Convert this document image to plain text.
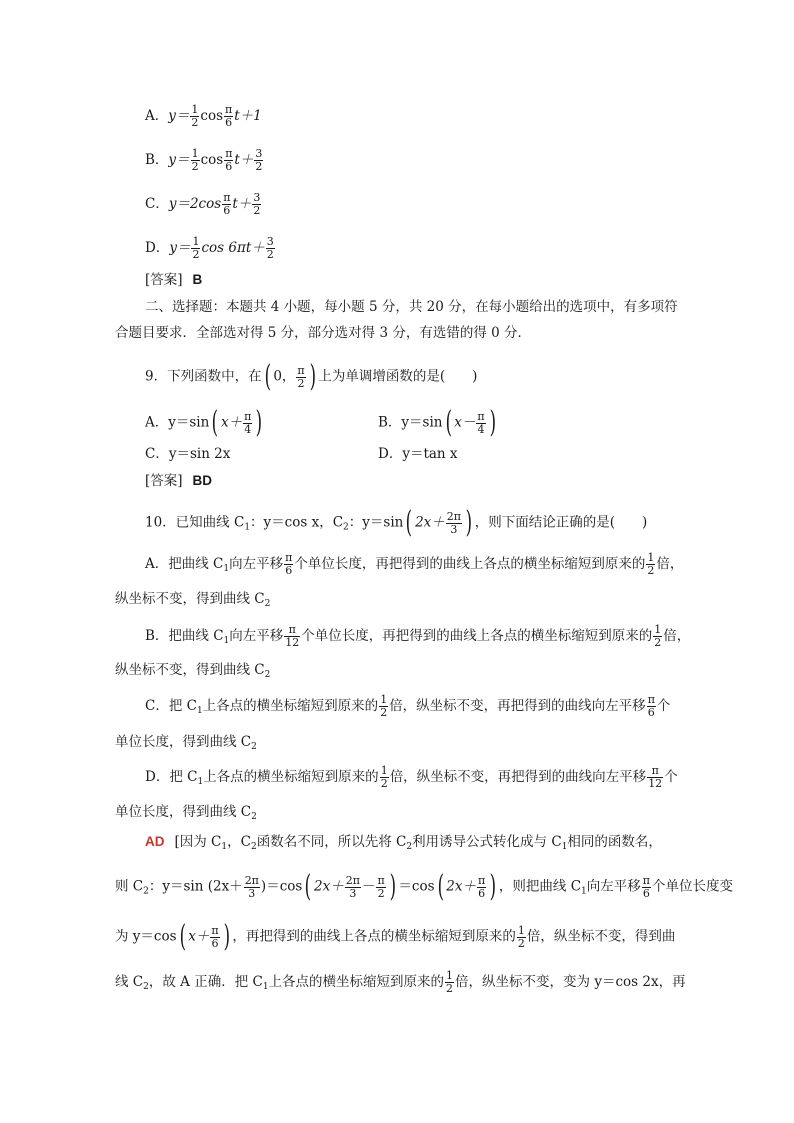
A．$y= \frac{1}{2}$ $\cos \frac{\pi}{6} t+1$
B．$y= \frac{1}{2}$ $\cos \frac{\pi}{6} t+ \frac{3}{2}$
C．$y=2\cos \frac{\pi}{6} t+ \frac{3}{2}$
D．$y= \frac{1}{2}$ $\cos 6\pi t+ \frac{3}{2}$
[答案] B
二、选择题：本题共 4 小题，每小题 5 分，共 20 分，在每小题给出的选项中，有多项符
合题目要求．全部选对得 5 分，部分选对得 3 分，有选错的得 0 分．
9．下列函数中，在( 0， $\frac{\pi}{2}$ ) 上为单调增函数的是(　　)
A．y＝sin( $x+ \frac{\pi}{4}$ )	B．y＝sin( $x- \frac{\pi}{4}$ )
C．y＝sin 2x	D．y＝tan x
[答案] BD
10．已知曲线 $C_1$：y＝cos x，$C_2$：y＝sin( $2x+ \frac{2\pi}{3}$ ) ，则下面结论正确的是(　　)
A．把曲线 $C_1$向左平移 $\frac{\pi}{6}$ 个单位长度，再把得到的曲线上各点的横坐标缩短到原来的 $\frac{1}{2}$ 倍，
纵坐标不变，得到曲线 $C_2$
B．把曲线 $C_1$向左平移 $\frac{\pi}{12}$ 个单位长度，再把得到的曲线上各点的横坐标缩短到原来的 $\frac{1}{2}$ 倍，
纵坐标不变，得到曲线 $C_2$
C．把 $C_1$上各点的横坐标缩短到原来的 $\frac{1}{2}$ 倍，纵坐标不变，再把得到的曲线向左平移 $\frac{\pi}{6}$ 个
单位长度，得到曲线 $C_2$
D．把 $C_1$上各点的横坐标缩短到原来的 $\frac{1}{2}$ 倍，纵坐标不变，再把得到的曲线向左平移 $\frac{\pi}{12}$ 个
单位长度，得到曲线 $C_2$
AD [因为 $C_1$，$C_2$函数名不同，所以先将 $C_2$利用诱导公式转化成与 $C_1$相同的函数名，
则 $C_2$：y＝sin $(2x+ \frac{2\pi}{3} )=\cos$( $2x+ \frac{2\pi}{3} - \frac{\pi}{2}$ ) ＝cos( $2x+ \frac{\pi}{6}$ ) ，则把曲线 $C_1$向左平移 $\frac{\pi}{6}$ 个单位长度变
为 y＝cos( $x+ \frac{\pi}{6}$ ) ，再把得到的曲线上各点的横坐标缩短到原来的 $\frac{1}{2}$ 倍，纵坐标不变，得到曲
线 $C_2$，故 A 正确．把 $C_1$上各点的横坐标缩短到原来的 $\frac{1}{2}$ 倍，纵坐标不变，变为 y＝cos 2x，再
